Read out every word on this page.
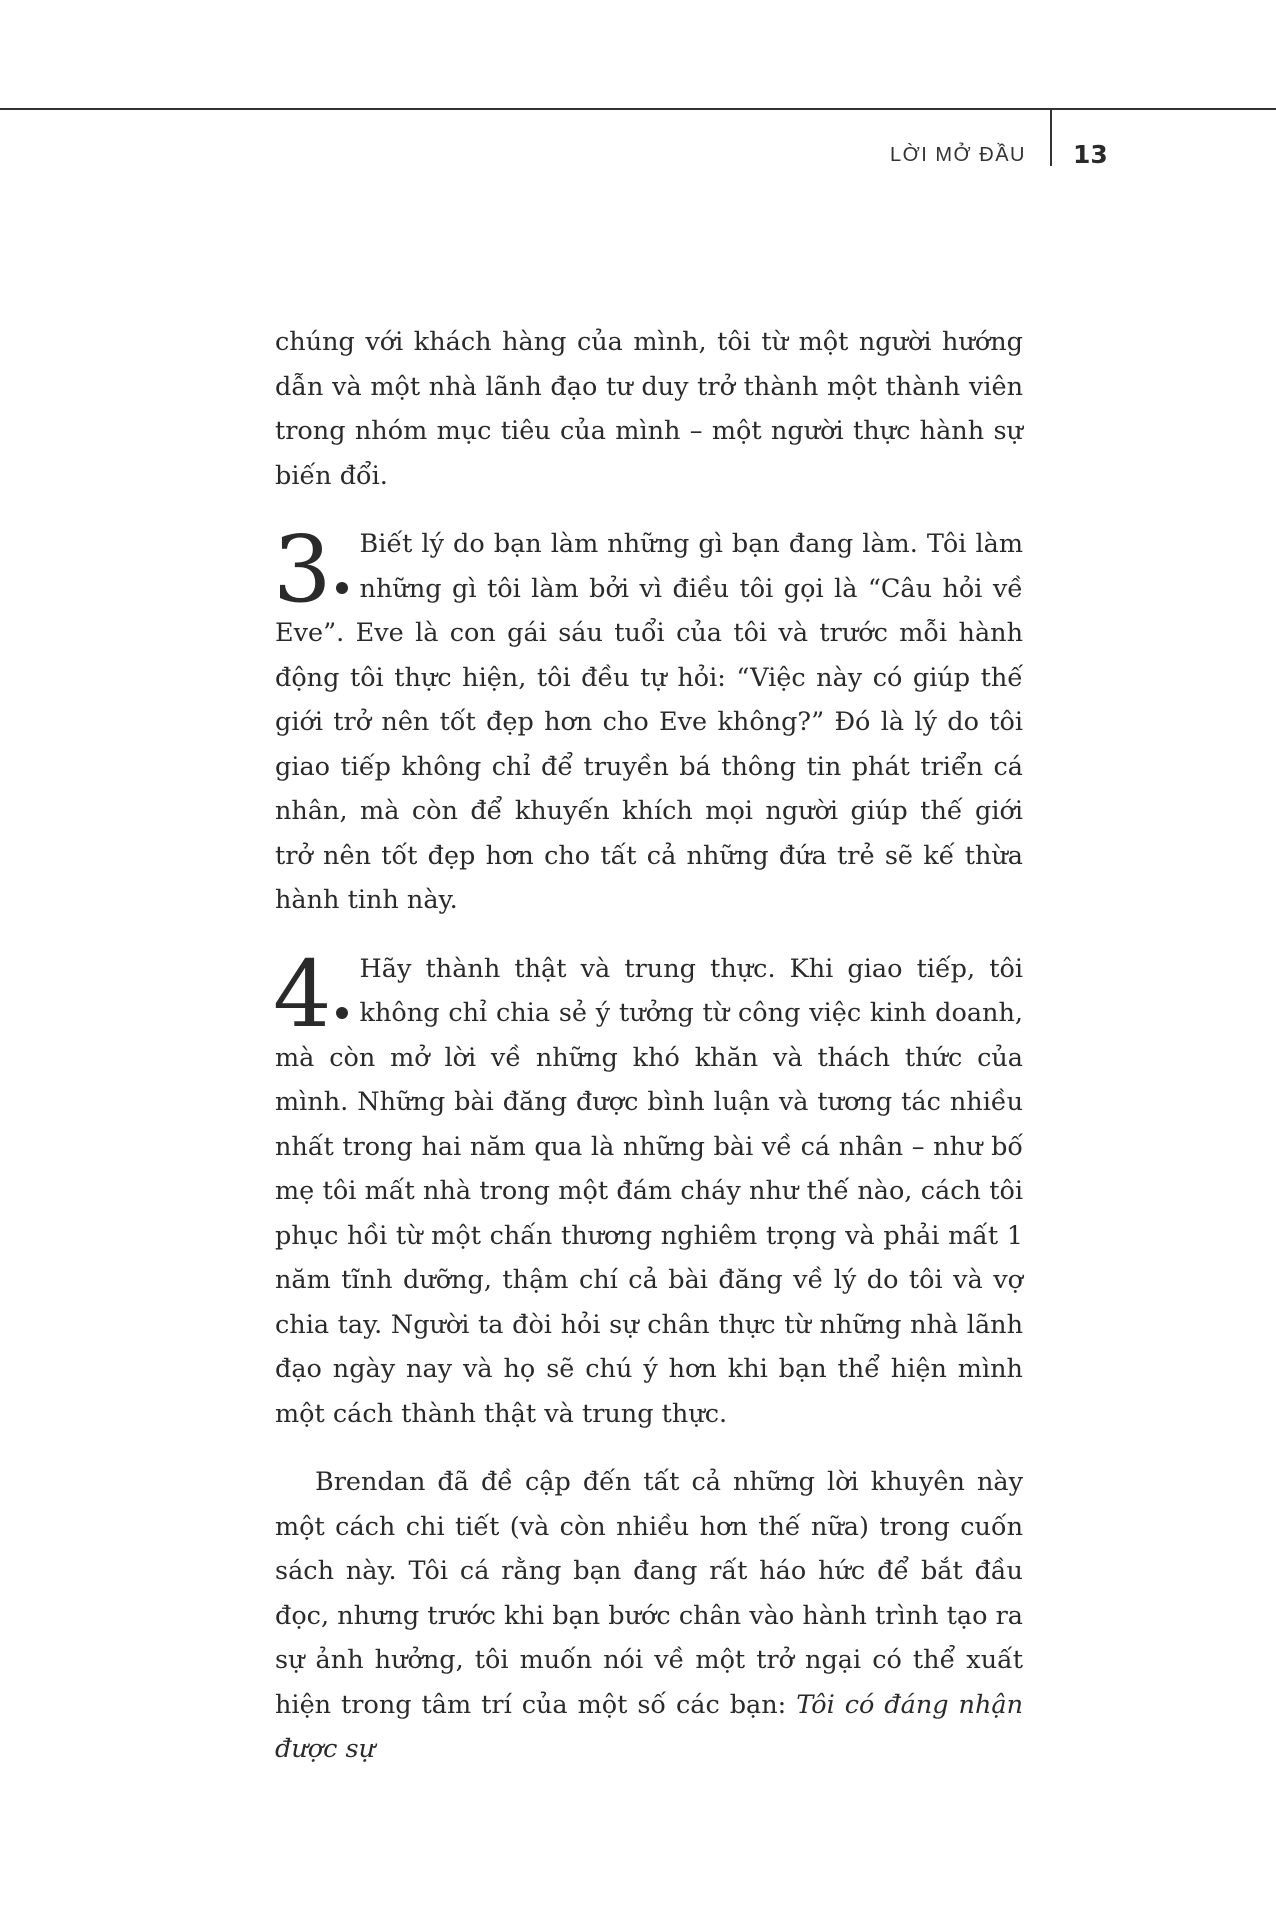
LỜI MỞ ĐẦU 13

chúng với khách hàng của mình, tôi từ một người hướng dẫn và một nhà lãnh đạo tư duy trở thành một thành viên trong nhóm mục tiêu của mình – một người thực hành sự biến đổi.

3 Biết lý do bạn làm những gì bạn đang làm. Tôi làm những gì tôi làm bởi vì điều tôi gọi là “Câu hỏi về Eve”. Eve là con gái sáu tuổi của tôi và trước mỗi hành động tôi thực hiện, tôi đều tự hỏi: “Việc này có giúp thế giới trở nên tốt đẹp hơn cho Eve không?” Đó là lý do tôi giao tiếp không chỉ để truyền bá thông tin phát triển cá nhân, mà còn để khuyến khích mọi người giúp thế giới trở nên tốt đẹp hơn cho tất cả những đứa trẻ sẽ kế thừa hành tinh này.

4 Hãy thành thật và trung thực. Khi giao tiếp, tôi không chỉ chia sẻ ý tưởng từ công việc kinh doanh, mà còn mở lời về những khó khăn và thách thức của mình. Những bài đăng được bình luận và tương tác nhiều nhất trong hai năm qua là những bài về cá nhân – như bố mẹ tôi mất nhà trong một đám cháy như thế nào, cách tôi phục hồi từ một chấn thương nghiêm trọng và phải mất 1 năm tĩnh dưỡng, thậm chí cả bài đăng về lý do tôi và vợ chia tay. Người ta đòi hỏi sự chân thực từ những nhà lãnh đạo ngày nay và họ sẽ chú ý hơn khi bạn thể hiện mình một cách thành thật và trung thực.

Brendan đã đề cập đến tất cả những lời khuyên này một cách chi tiết (và còn nhiều hơn thế nữa) trong cuốn sách này. Tôi cá rằng bạn đang rất háo hức để bắt đầu đọc, nhưng trước khi bạn bước chân vào hành trình tạo ra sự ảnh hưởng, tôi muốn nói về một trở ngại có thể xuất hiện trong tâm trí của một số các bạn: Tôi có đáng nhận được sự
